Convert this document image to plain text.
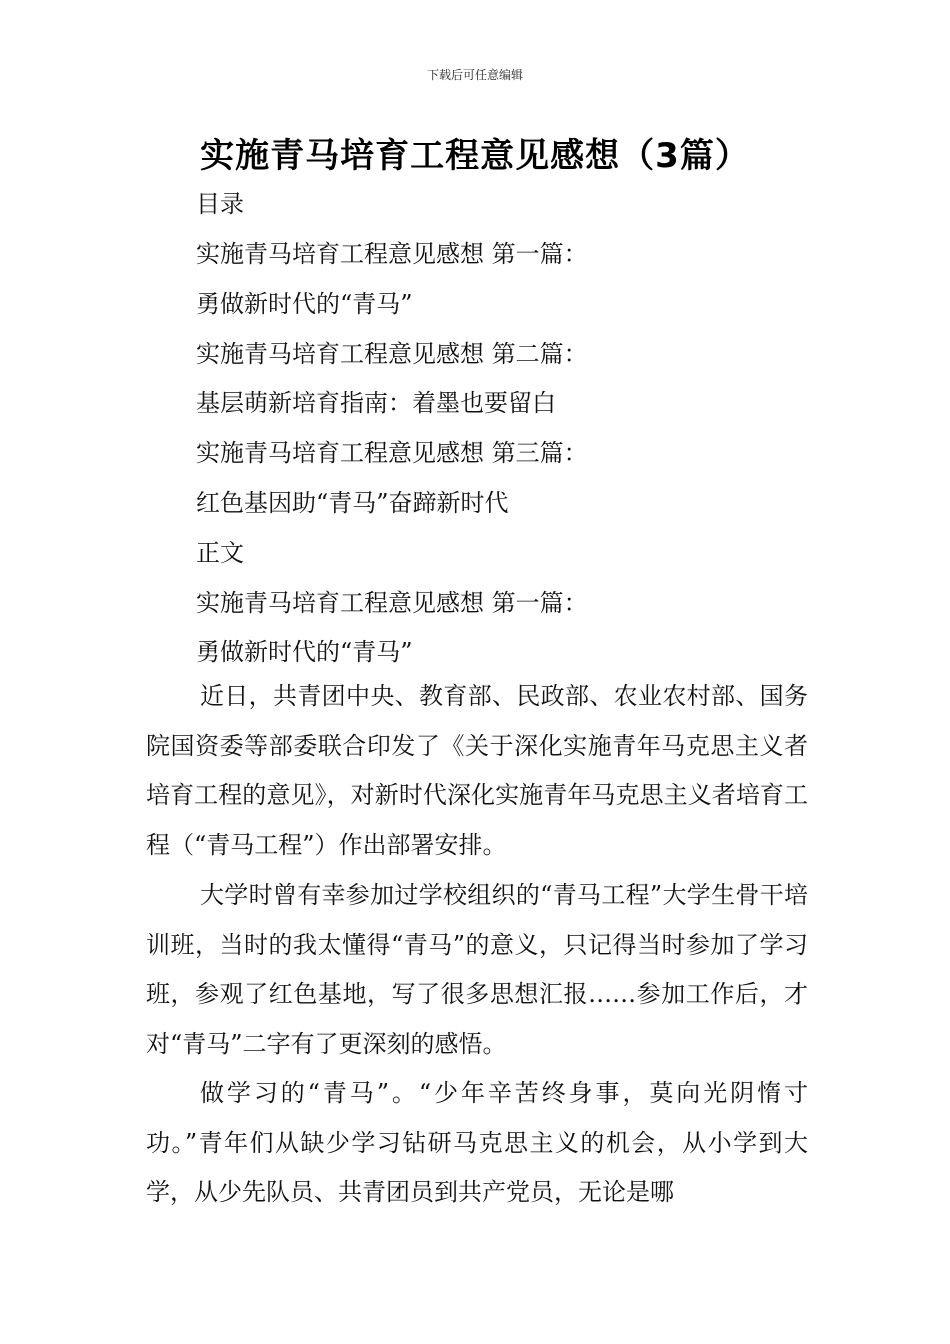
下载后可任意编辑
实施青马培育工程意见感想（3篇）
目录
实施青马培育工程意见感想 第一篇：
勇做新时代的“青马”
实施青马培育工程意见感想 第二篇：
基层萌新培育指南：着墨也要留白
实施青马培育工程意见感想 第三篇：
红色基因助“青马”奋蹄新时代
正文
实施青马培育工程意见感想 第一篇：
勇做新时代的“青马”
近日，共青团中央、教育部、民政部、农业农村部、国务院国资委等部委联合印发了《关于深化实施青年马克思主义者培育工程的意见》，对新时代深化实施青年马克思主义者培育工程（“青马工程”）作出部署安排。
大学时曾有幸参加过学校组织的“青马工程”大学生骨干培训班，当时的我太懂得“青马”的意义，只记得当时参加了学习班，参观了红色基地，写了很多思想汇报……参加工作后，才对“青马”二字有了更深刻的感悟。
做学习的“青马”。“少年辛苦终身事，莫向光阴惰寸功。”青年们从缺少学习钻研马克思主义的机会，从小学到大学，从少先队员、共青团员到共产党员，无论是哪
